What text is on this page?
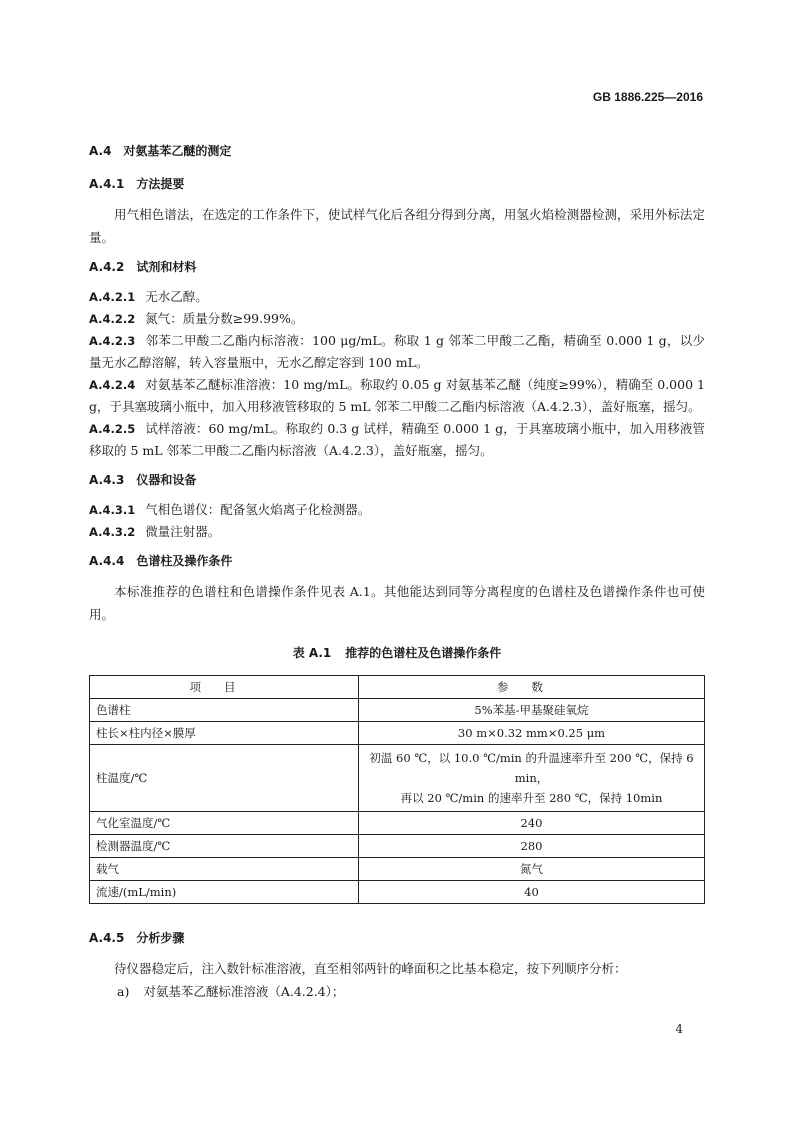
GB 1886.225—2016

A.4 对氨基苯乙醚的测定

A.4.1 方法提要

用气相色谱法，在选定的工作条件下，使试样气化后各组分得到分离，用氢火焰检测器检测，采用外标法定量。

A.4.2 试剂和材料

A.4.2.1 无水乙醇。

A.4.2.2 氮气：质量分数≥99.99%。

A.4.2.3 邻苯二甲酸二乙酯内标溶液：100 μg/mL。称取 1 g 邻苯二甲酸二乙酯，精确至 0.000 1 g，以少量无水乙醇溶解，转入容量瓶中，无水乙醇定容到 100 mL。

A.4.2.4 对氨基苯乙醚标准溶液：10 mg/mL。称取约 0.05 g 对氨基苯乙醚（纯度≥99%），精确至 0.000 1 g，于具塞玻璃小瓶中，加入用移液管移取的 5 mL 邻苯二甲酸二乙酯内标溶液（A.4.2.3），盖好瓶塞，摇匀。

A.4.2.5 试样溶液：60 mg/mL。称取约 0.3 g 试样，精确至 0.000 1 g，于具塞玻璃小瓶中，加入用移液管移取的 5 mL 邻苯二甲酸二乙酯内标溶液（A.4.2.3），盖好瓶塞，摇匀。

A.4.3 仪器和设备

A.4.3.1 气相色谱仪：配备氢火焰离子化检测器。

A.4.3.2 微量注射器。

A.4.4 色谱柱及操作条件

本标准推荐的色谱柱和色谱操作条件见表 A.1。其他能达到同等分离程度的色谱柱及色谱操作条件也可使用。

表 A.1 推荐的色谱柱及色谱操作条件
项目	参数
色谱柱	5%苯基-甲基聚硅氧烷
柱长×柱内径×膜厚	30 m×0.32 mm×0.25 μm
柱温度/℃	初温 60 ℃，以 10.0 ℃/min 的升温速率升至 200 ℃，保持 6 min，
再以 20 ℃/min 的速率升至 280 ℃，保持 10min

气化室温度/℃	240
检测器温度/℃	280
载气	氮气
流速/(mL/min)	40

A.4.5 分析步骤

待仪器稳定后，注入数针标准溶液，直至相邻两针的峰面积之比基本稳定，按下列顺序分析：

a) 对氨基苯乙醚标准溶液（A.4.2.4）；

4
